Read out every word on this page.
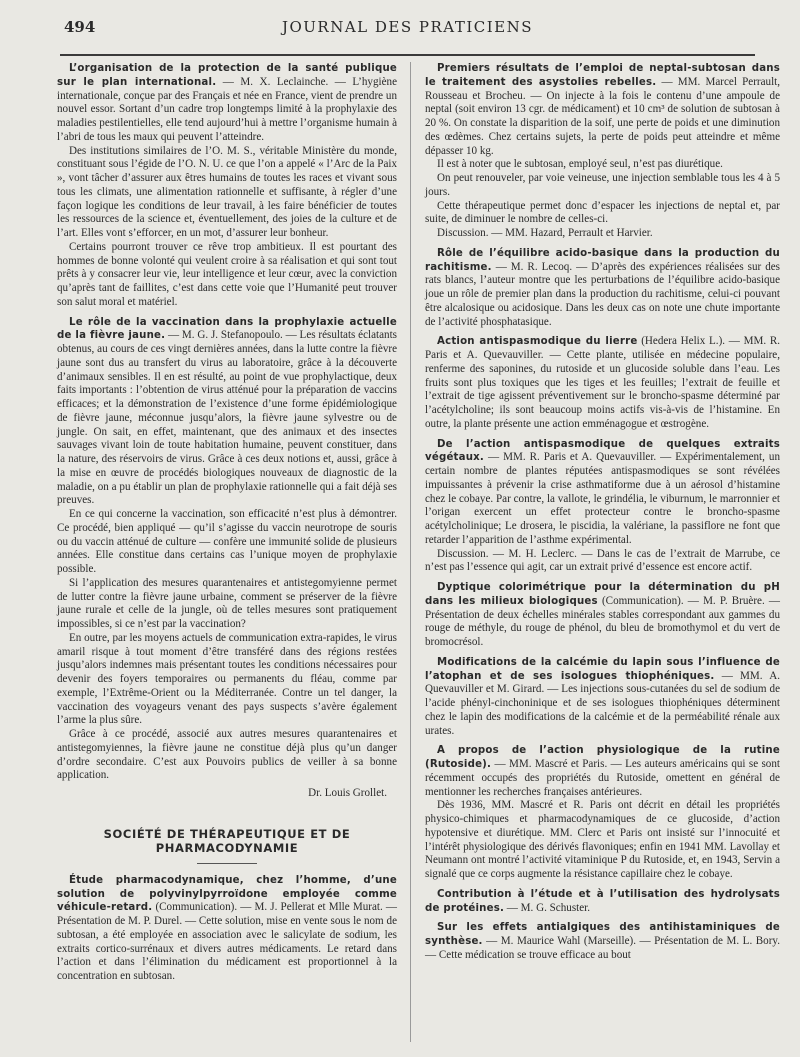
494	JOURNAL DES PRATICIENS

L’organisation de la protection de la santé publique sur le plan international. — M. X. Leclainche. — L’hygiène internationale, conçue par des Français et née en France, vient de prendre un nouvel essor. Sortant d’un cadre trop longtemps limité à la prophylaxie des maladies pestilentielles, elle tend aujourd’hui à mettre l’organisme humain à l’abri de tous les maux qui peuvent l’atteindre.

Des institutions similaires de l’O. M. S., véritable Ministère du monde, constituant sous l’égide de l’O. N. U. ce que l’on a appelé « l’Arc de la Paix », vont tâcher d’assurer aux êtres humains de toutes les races et vivant sous tous les climats, une alimentation rationnelle et suffisante, à régler d’une façon logique les conditions de leur travail, à les faire bénéficier de toutes les ressources de la science et, éventuellement, des joies de la culture et de l’art. Elles vont s’efforcer, en un mot, d’assurer leur bonheur.

Certains pourront trouver ce rêve trop ambitieux. Il est pourtant des hommes de bonne volonté qui veulent croire à sa réalisation et qui sont tout prêts à y consacrer leur vie, leur intelligence et leur cœur, avec la conviction qu’après tant de faillites, c’est dans cette voie que l’Humanité peut trouver son salut moral et matériel.

Le rôle de la vaccination dans la prophylaxie actuelle de la fièvre jaune. — M. G. J. Stefanopoulo. — Les résultats éclatants obtenus, au cours de ces vingt dernières années, dans la lutte contre la fièvre jaune sont dus au transfert du virus au laboratoire, grâce à la découverte d’animaux sensibles. Il en est résulté, au point de vue prophylactique, deux faits importants : l’obtention de virus atténué pour la préparation de vaccins efficaces; et la démonstration de l’existence d’une forme épidémiologique de fièvre jaune, méconnue jusqu’alors, la fièvre jaune sylvestre ou de jungle. On sait, en effet, maintenant, que des animaux et des insectes sauvages vivant loin de toute habitation humaine, peuvent constituer, dans la nature, des réservoirs de virus. Grâce à ces deux notions et, aussi, grâce à la mise en œuvre de procédés biologiques nouveaux de diagnostic de la maladie, on a pu établir un plan de prophylaxie rationnelle qui a fait déjà ses preuves.

En ce qui concerne la vaccination, son efficacité n’est plus à démontrer. Ce procédé, bien appliqué — qu’il s’agisse du vaccin neurotrope de souris ou du vaccin atténué de culture — confère une immunité solide de plusieurs années. Elle constitue dans certains cas l’unique moyen de prophylaxie possible.

Si l’application des mesures quarantenaires et antistegomyienne permet de lutter contre la fièvre jaune urbaine, comment se préserver de la fièvre jaune rurale et celle de la jungle, où de telles mesures sont pratiquement impossibles, si ce n’est par la vaccination?

En outre, par les moyens actuels de communication extra-rapides, le virus amaril risque à tout moment d’être transféré dans des régions restées jusqu’alors indemnes mais présentant toutes les conditions nécessaires pour devenir des foyers temporaires ou permanents du fléau, comme par exemple, l’Extrême-Orient ou la Méditerranée. Contre un tel danger, la vaccination des voyageurs venant des pays suspects s’avère également l’arme la plus sûre.

Grâce à ce procédé, associé aux autres mesures quarantenaires et antistegomyiennes, la fièvre jaune ne constitue déjà plus qu’un danger d’ordre secondaire. C’est aux Pouvoirs publics de veiller à sa bonne application.

Dr. Louis Grollet.

SOCIÉTÉ DE THÉRAPEUTIQUE ET DE PHARMACODYNAMIE

Étude pharmacodynamique, chez l’homme, d’une solution de polyvinylpyrroïdone employée comme véhicule-retard. (Communication). — M. J. Pellerat et Mlle Murat. — Présentation de M. P. Durel. — Cette solution, mise en vente sous le nom de subtosan, a été employée en association avec le salicylate de sodium, les extraits cortico-surrénaux et divers autres médicaments. Le retard dans l’action et dans l’élimination du médicament est proportionnel à la concentration en subtosan.

Premiers résultats de l’emploi de neptal-subtosan dans le traitement des asystolies rebelles. — MM. Marcel Perrault, Rousseau et Brocheu. — On injecte à la fois le contenu d’une ampoule de neptal (soit environ 13 cgr. de médicament) et 10 cm³ de solution de subtosan à 20 %. On constate la disparition de la soif, une perte de poids et une diminution des œdèmes. Chez certains sujets, la perte de poids peut atteindre et même dépasser 10 kg.

Il est à noter que le subtosan, employé seul, n’est pas diurétique.

On peut renouveler, par voie veineuse, une injection semblable tous les 4 à 5 jours.

Cette thérapeutique permet donc d’espacer les injections de neptal et, par suite, de diminuer le nombre de celles-ci.

Discussion. — MM. Hazard, Perrault et Harvier.

Rôle de l’équilibre acido-basique dans la production du rachitisme. — M. R. Lecoq. — D’après des expériences réalisées sur des rats blancs, l’auteur montre que les perturbations de l’équilibre acido-basique joue un rôle de premier plan dans la production du rachitisme, celui-ci pouvant être alcalosique ou acidosique. Dans les deux cas on note une chute importante de l’activité phosphatasique.

Action antispasmodique du lierre (Hedera Helix L.). — MM. R. Paris et A. Quevauviller. — Cette plante, utilisée en médecine populaire, renferme des saponines, du rutoside et un glucoside soluble dans l’eau. Les fruits sont plus toxiques que les tiges et les feuilles; l’extrait de feuille et l’extrait de tige agissent préventivement sur le broncho-spasme déterminé par l’acétylcholine; ils sont beaucoup moins actifs vis-à-vis de l’histamine. En outre, la plante présente une action emménagogue et œstrogène.

De l’action antispasmodique de quelques extraits végétaux. — MM. R. Paris et A. Quevauviller. — Expérimentalement, un certain nombre de plantes réputées antispasmodiques se sont révélées impuissantes à prévenir la crise asthmatiforme due à un aérosol d’histamine chez le cobaye. Par contre, la vallote, le grindélia, le viburnum, le marronnier et l’origan exercent un effet protecteur contre le broncho-spasme acétylcholinique; Le drosera, le piscidia, la valériane, la passiflore ne font que retarder l’apparition de l’asthme expérimental.

Discussion. — M. H. Leclerc. — Dans le cas de l’extrait de Marrube, ce n’est pas l’essence qui agit, car un extrait privé d’essence est encore actif.

Dyptique colorimétrique pour la détermination du pH dans les milieux biologiques (Communication). — M. P. Bruère. — Présentation de deux échelles minérales stables correspondant aux gammes du rouge de méthyle, du rouge de phénol, du bleu de bromothymol et du vert de bromocrésol.

Modifications de la calcémie du lapin sous l’influence de l’atophan et de ses isologues thiophéniques. — MM. A. Quevauviller et M. Girard. — Les injections sous-cutanées du sel de sodium de l’acide phényl-cinchoninique et de ses isologues thiophéniques déterminent chez le lapin des modifications de la calcémie et de la perméabilité rénale aux urates.

A propos de l’action physiologique de la rutine (Rutoside). — MM. Mascré et Paris. — Les auteurs américains qui se sont récemment occupés des propriétés du Rutoside, omettent en général de mentionner les recherches françaises antérieures.

Dès 1936, MM. Mascré et R. Paris ont décrit en détail les propriétés physico-chimiques et pharmacodynamiques de ce glucoside, d’action hypotensive et diurétique. MM. Clerc et Paris ont insisté sur l’innocuité et l’intérêt physiologique des dérivés flavoniques; enfin en 1941 MM. Lavollay et Neumann ont montré l’activité vitaminique P du Rutoside, et, en 1943, Servin a signalé que ce corps augmente la résistance capillaire chez le cobaye.

Contribution à l’étude et à l’utilisation des hydrolysats de protéines. — M. G. Schuster.

Sur les effets antialgiques des antihistaminiques de synthèse. — M. Maurice Wahl (Marseille). — Présentation de M. L. Bory. — Cette médication se trouve efficace au bout
